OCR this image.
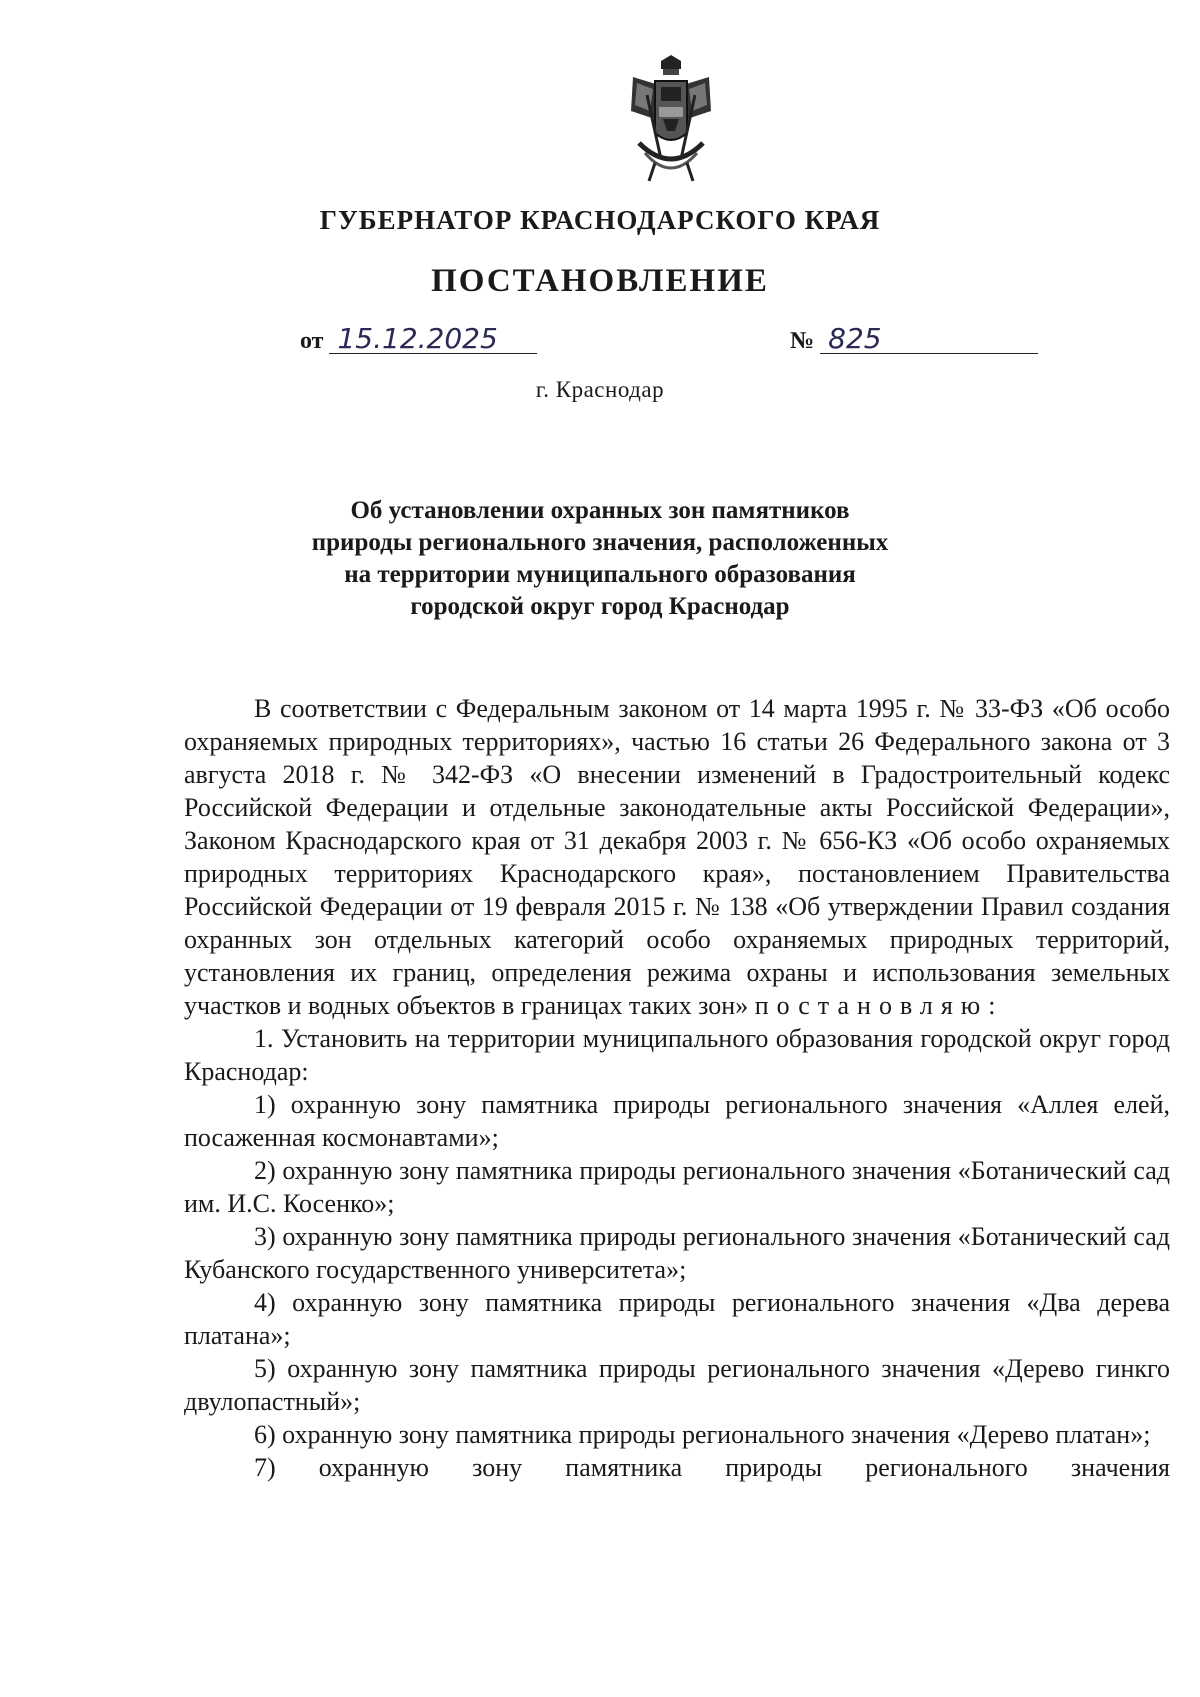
ГУБЕРНАТОР КРАСНОДАРСКОГО КРАЯ
ПОСТАНОВЛЕНИЕ
от 15.12.2025	№ 825
г. Краснодар
Об установлении охранных зон памятников
природы регионального значения, расположенных
на территории муниципального образования
городской округ город Краснодар
В соответствии с Федеральным законом от 14 марта 1995 г. № 33-ФЗ «Об особо охраняемых природных территориях», частью 16 статьи 26 Федерального закона от 3 августа 2018 г. № 342-ФЗ «О внесении изменений в Градостроительный кодекс Российской Федерации и отдельные законодательные акты Российской Федерации», Законом Краснодарского края от 31 декабря 2003 г. № 656-КЗ «Об особо охраняемых природных территориях Краснодарского края», постановлением Правительства Российской Федерации от 19 февраля 2015 г. № 138 «Об утверждении Правил создания охранных зон отдельных категорий особо охраняемых природных территорий, установления их границ, определения режима охраны и использования земельных участков и водных объектов в границах таких зон» постановляю:
1. Установить на территории муниципального образования городской округ город Краснодар:
1) охранную зону памятника природы регионального значения «Аллея елей, посаженная космонавтами»;
2) охранную зону памятника природы регионального значения «Ботанический сад им. И.С. Косенко»;
3) охранную зону памятника природы регионального значения «Ботанический сад Кубанского государственного университета»;
4) охранную зону памятника природы регионального значения «Два дерева платана»;
5) охранную зону памятника природы регионального значения «Дерево гинкго двулопастный»;
6) охранную зону памятника природы регионального значения «Дерево платан»;
7) охранную зону памятника природы регионального значения
